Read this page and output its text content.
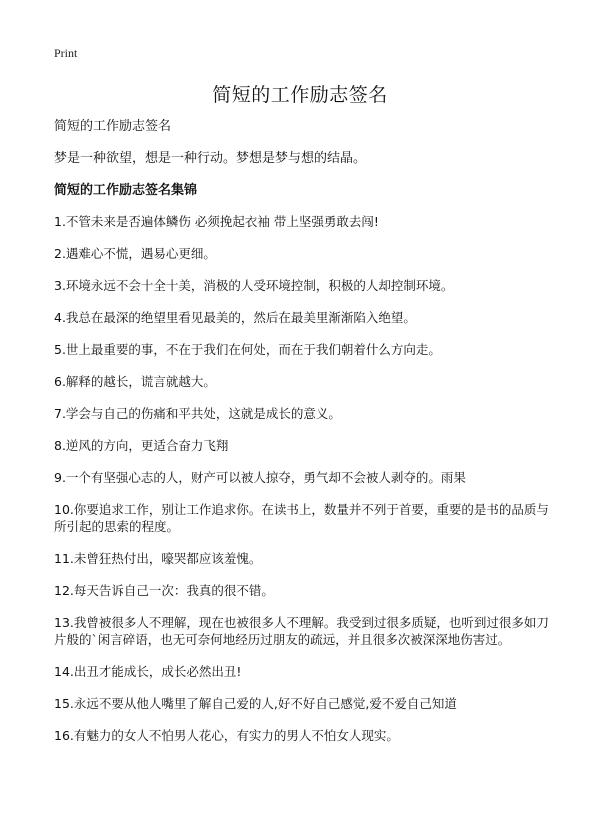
Print
简短的工作励志签名
简短的工作励志签名
梦是一种欲望，想是一种行动。梦想是梦与想的结晶。
简短的工作励志签名集锦
1.不管未来是否遍体鳞伤 必须挽起衣袖 带上坚强勇敢去闯!
2.遇难心不慌，遇易心更细。
3.环境永远不会十全十美，消极的人受环境控制，积极的人却控制环境。
4.我总在最深的绝望里看见最美的，然后在最美里渐渐陷入绝望。
5.世上最重要的事，不在于我们在何处，而在于我们朝着什么方向走。
6.解释的越长，谎言就越大。
7.学会与自己的伤痛和平共处，这就是成长的意义。
8.逆风的方向，更适合奋力飞翔
9.一个有坚强心志的人，财产可以被人掠夺，勇气却不会被人剥夺的。雨果
10.你要追求工作，别让工作追求你。在读书上，数量并不列于首要，重要的是书的品质与所引起的思索的程度。
11.未曾狂热付出，嚎哭都应该羞愧。
12.每天告诉自己一次：我真的很不错。
13.我曾被很多人不理解，现在也被很多人不理解。我受到过很多质疑，也听到过很多如刀片般的`闲言碎语，也无可奈何地经历过朋友的疏远，并且很多次被深深地伤害过。
14.出丑才能成长，成长必然出丑!
15.永远不要从他人嘴里了解自己爱的人,好不好自己感觉,爱不爱自己知道
16.有魅力的女人不怕男人花心，有实力的男人不怕女人现实。
